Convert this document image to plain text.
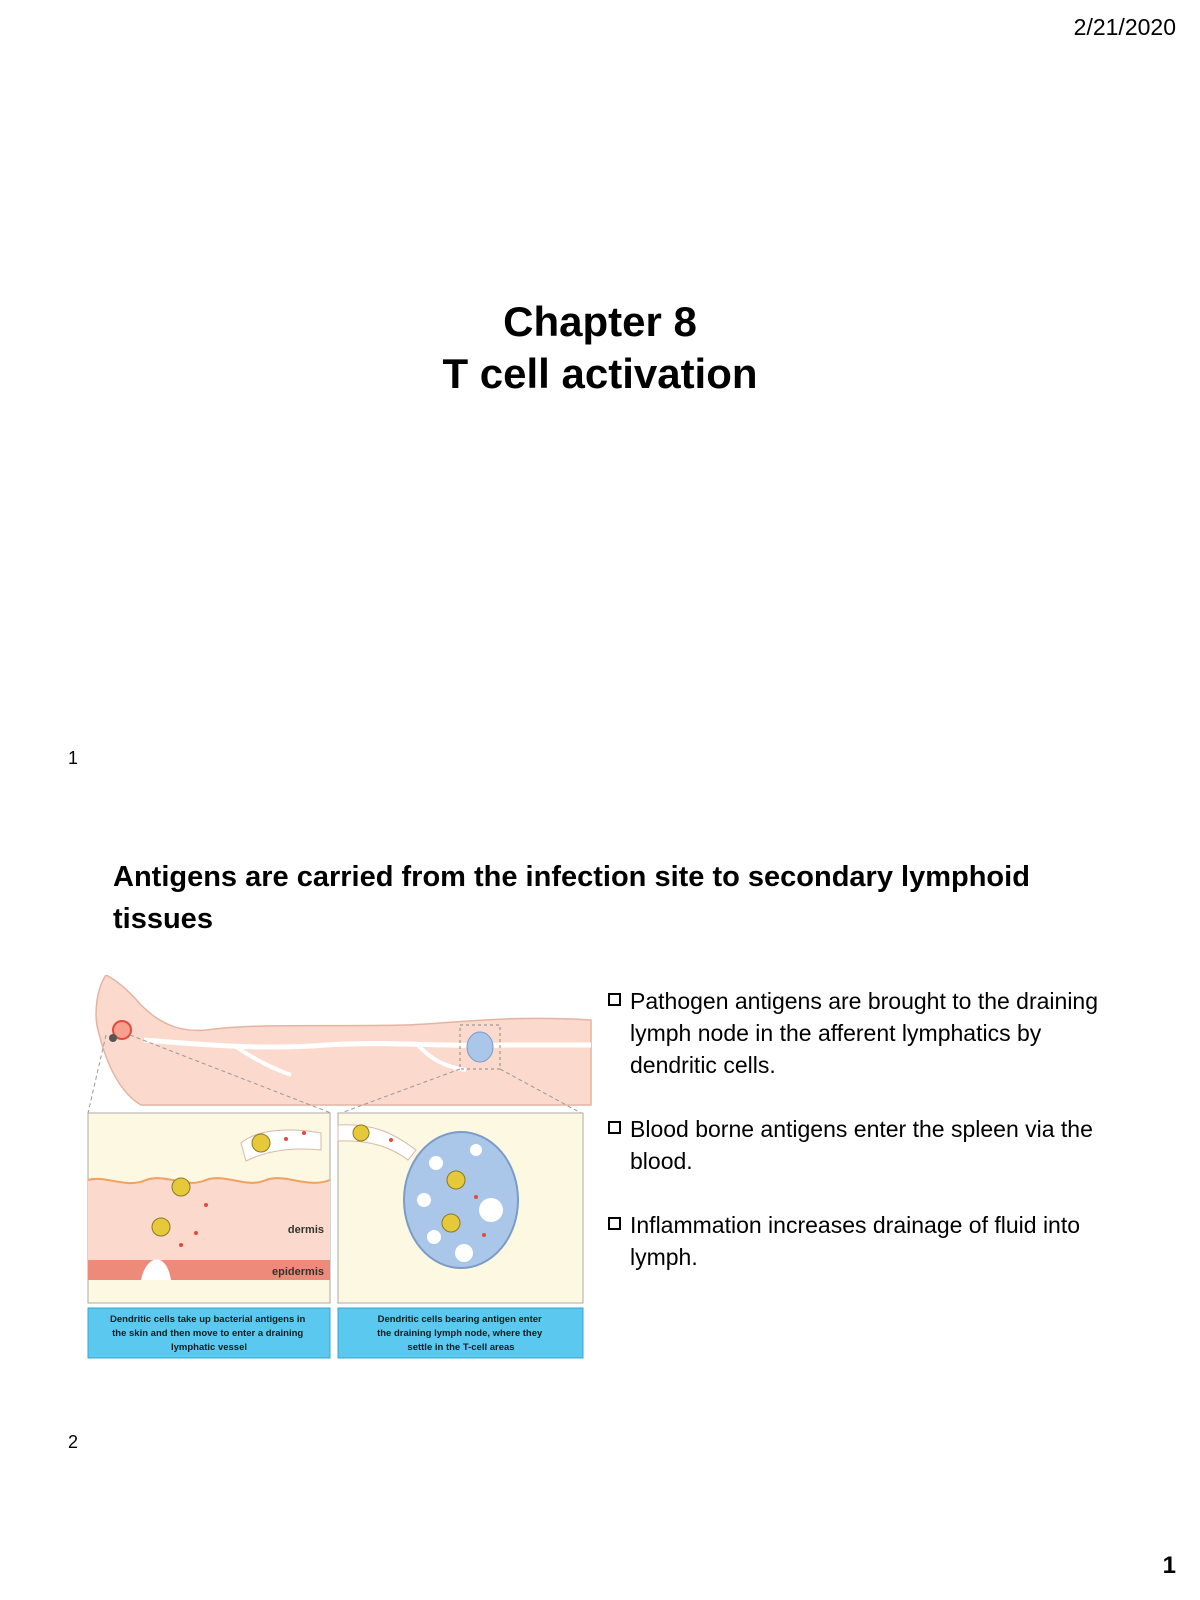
2/21/2020
Chapter 8
T cell activation
1
Antigens are carried from the infection site to secondary lymphoid tissues
dermis
epidermis
Dendritic cells take up bacterial antigens in the skin and then move to enter a draining lymphatic vessel
Dendritic cells bearing antigen enter the draining lymph node, where they settle in the T-cell areas
Pathogen antigens are brought to the draining lymph node in the afferent lymphatics by dendritic cells.
Blood borne antigens enter the spleen via the blood.
Inflammation increases drainage of fluid into lymph.
2
1
